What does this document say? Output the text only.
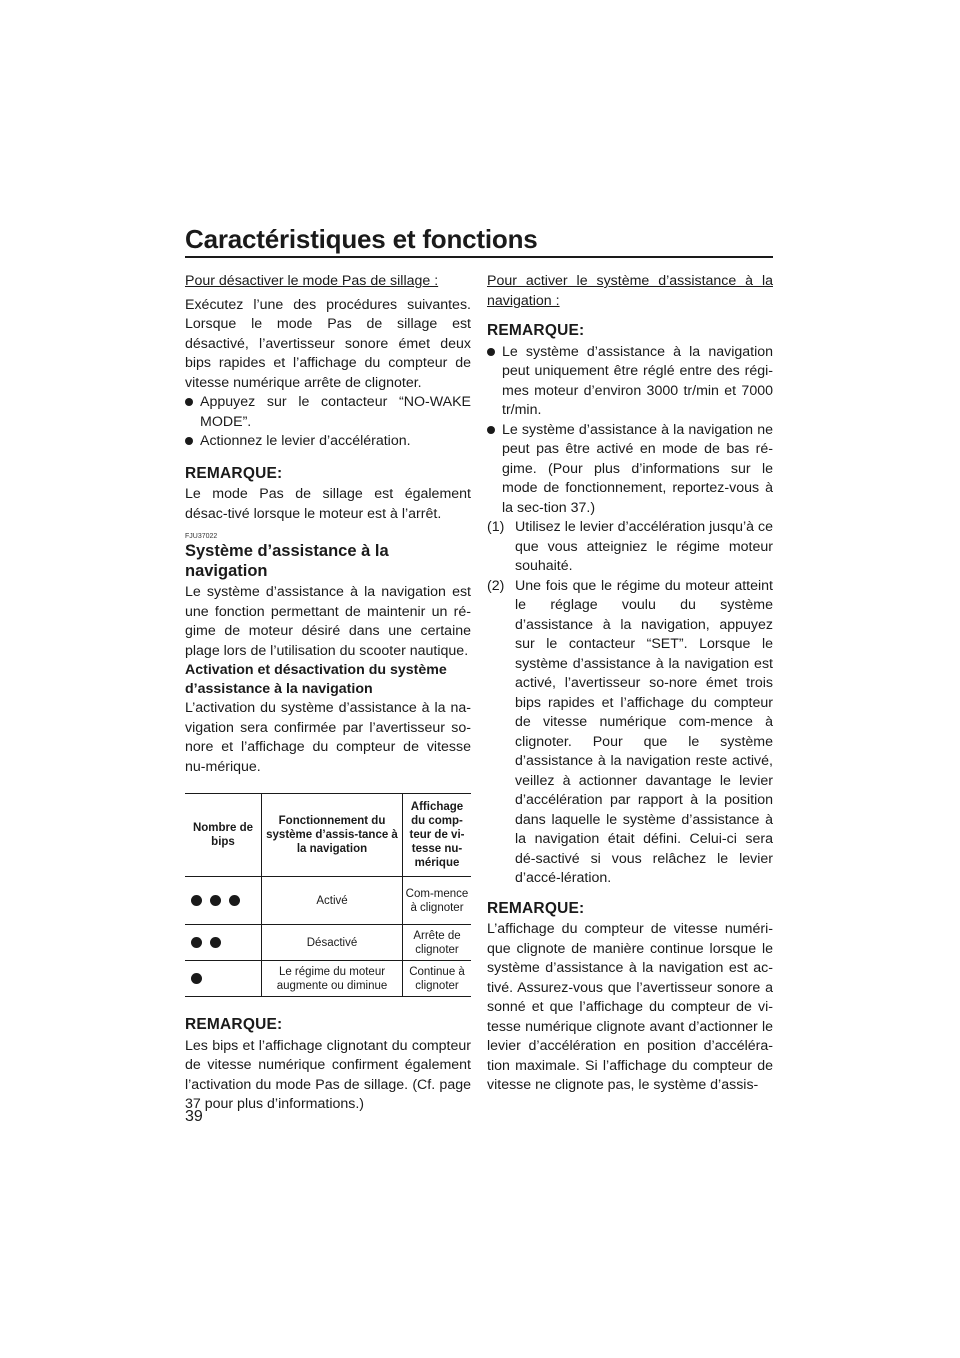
Caractéristiques et fonctions

Pour désactiver le mode Pas de sillage :

Exécutez l’une des procédures suivantes. Lorsque le mode Pas de sillage est désactivé, l’avertisseur sonore émet deux bips rapides et l’affichage du compteur de vitesse numérique arrête de clignoter.

Appuyez sur le contacteur “NO-WAKE MODE”.
Actionnez le levier d’accélération.
REMARQUE:

Le mode Pas de sillage est également désac-tivé lorsque le moteur est à l’arrêt.

FJU37022
Système d’assistance à la navigation

Le système d’assistance à la navigation est une fonction permettant de maintenir un ré-gime de moteur désiré dans une certaine plage lors de l’utilisation du scooter nautique.

Activation et désactivation du système d’assistance à la navigation

L’activation du système d’assistance à la na-vigation sera confirmée par l’avertisseur so-nore et l’affichage du compteur de vitesse nu-mérique.

Nombre de bips	Fonctionnement du système d’assis-tance à la navigation	Affichage du comp-teur de vi-tesse nu-mérique

	Activé	Com-mence à clignoter

	Désactivé	Arrête de clignoter

	Le régime du moteur augmente ou diminue	Continue à clignoter
REMARQUE:

Les bips et l’affichage clignotant du compteur de vitesse numérique confirment également l’activation du mode Pas de sillage. (Cf. page 37 pour plus d’informations.)

Pour activer le système d’assistance à la navigation :

REMARQUE:
Le système d’assistance à la navigation peut uniquement être réglé entre des régi-mes moteur d’environ 3000 tr/min et 7000 tr/min.
Le système d’assistance à la navigation ne peut pas être activé en mode de bas ré-gime. (Pour plus d’informations sur le mode de fonctionnement, reportez-vous à la sec-tion 37.)
(1) Utilisez le levier d’accélération jusqu’à ce que vous atteigniez le régime moteur souhaité.
(2) Une fois que le régime du moteur atteint le réglage voulu du système d’assistance à la navigation, appuyez sur le contacteur “SET”. Lorsque le système d’assistance à la navigation est activé, l’avertisseur so-nore émet trois bips rapides et l’affichage du compteur de vitesse numérique com-mence à clignoter. Pour que le système d’assistance à la navigation reste activé, veillez à actionner davantage le levier d’accélération par rapport à la position dans laquelle le système d’assistance à la navigation était défini. Celui-ci sera dé-sactivé si vous relâchez le levier d’accé-lération.
REMARQUE:

L’affichage du compteur de vitesse numéri-que clignote de manière continue lorsque le système d’assistance à la navigation est ac-tivé. Assurez-vous que l’avertisseur sonore a sonné et que l’affichage du compteur de vi-tesse numérique clignote avant d’actionner le levier d’accélération en position d’accéléra-tion maximale. Si l’affichage du compteur de vitesse ne clignote pas, le système d’assis-

39
